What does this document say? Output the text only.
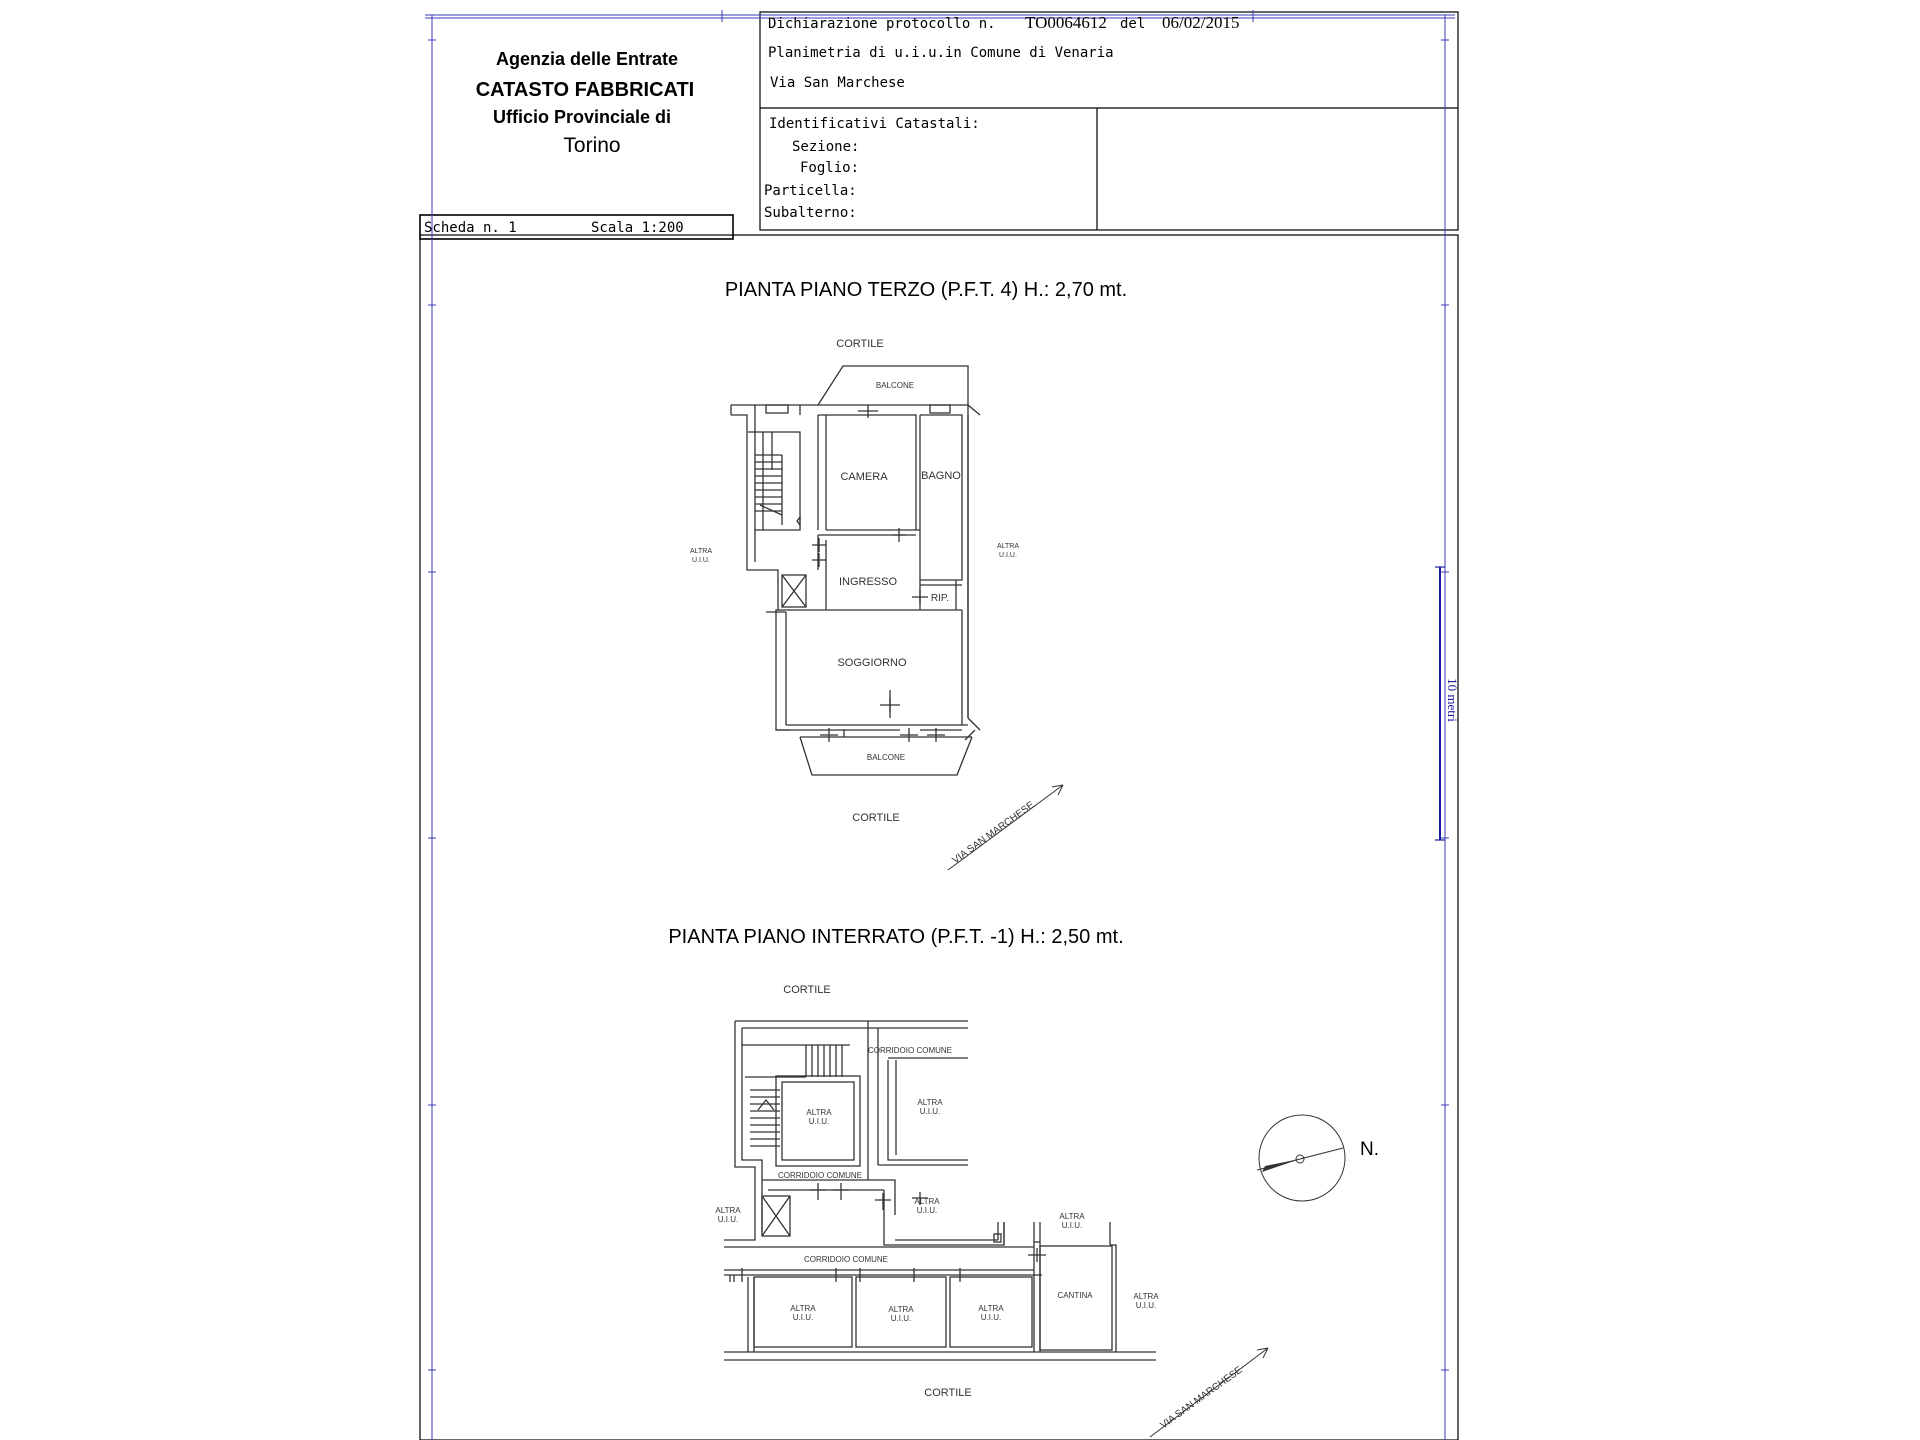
10 metri
Agenzia delle Entrate
CATASTO FABBRICATI
Ufficio Provinciale di
Torino
Dichiarazione protocollo n. TO0064612 del 06/02/2015
Planimetria di u.i.u.in Comune di Venaria
Via San Marchese
Identificativi Catastali:
Sezione:
Foglio:
Particella:
Subalterno:
Scheda n. 1	Scala 1:200
PIANTA PIANO TERZO (P.F.T. 4) H.: 2,70 mt.
CORTILE
BALCONE
CAMERA	BAGNO
INGRESSO
RIP.
SOGGIORNO
BALCONE
CORTILE
ALTRA
U.I.U.
ALTRA
U.I.U.
VIA SAN MARCHESE
PIANTA PIANO INTERRATO (P.F.T. -1) H.: 2,50 mt.
CORTILE
CORRIDOIO COMUNE
ALTRA
U.I.U.
ALTRA
U.I.U.
CORRIDOIO COMUNE
ALTRA
U.I.U.
ALTRA
U.I.U.
CORRIDOIO COMUNE
ALTRA
U.I.U.
ALTRA
U.I.U.
ALTRA
U.I.U.
ALTRA
U.I.U.
CANTINA	ALTRA
U.I.U.
CORTILE	VIA SAN MARCHESE
N.
